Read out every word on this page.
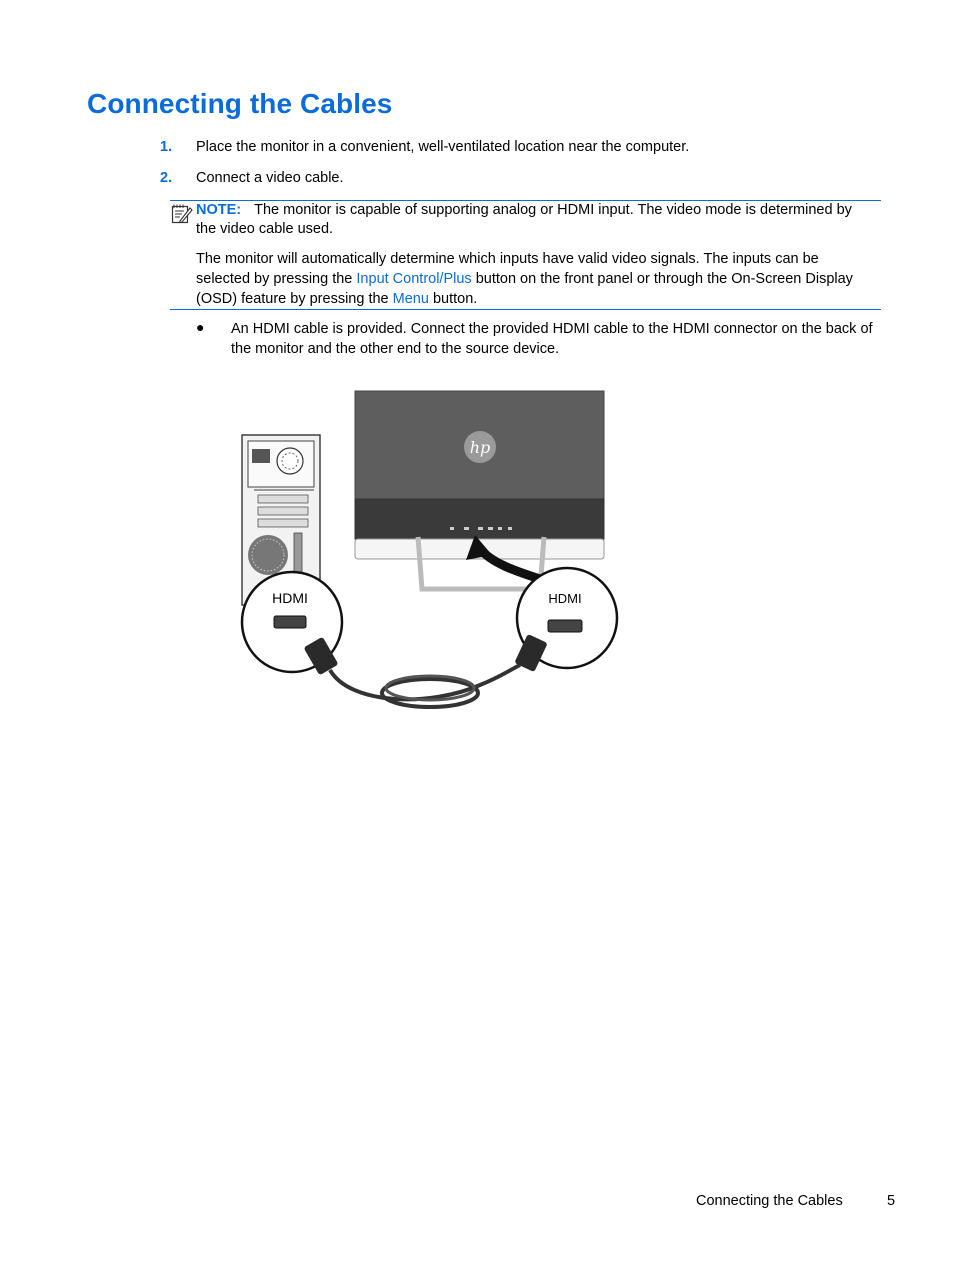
Connecting the Cables
1. Place the monitor in a convenient, well-ventilated location near the computer.
2. Connect a video cable.
NOTE: The monitor is capable of supporting analog or HDMI input. The video mode is determined by the video cable used.
The monitor will automatically determine which inputs have valid video signals. The inputs can be selected by pressing the Input Control/Plus button on the front panel or through the On-Screen Display (OSD) feature by pressing the Menu button.
● An HDMI cable is provided. Connect the provided HDMI cable to the HDMI connector on the back of the monitor and the other end to the source device.
hp
HDMI	HDMI
Connecting the Cables	5
